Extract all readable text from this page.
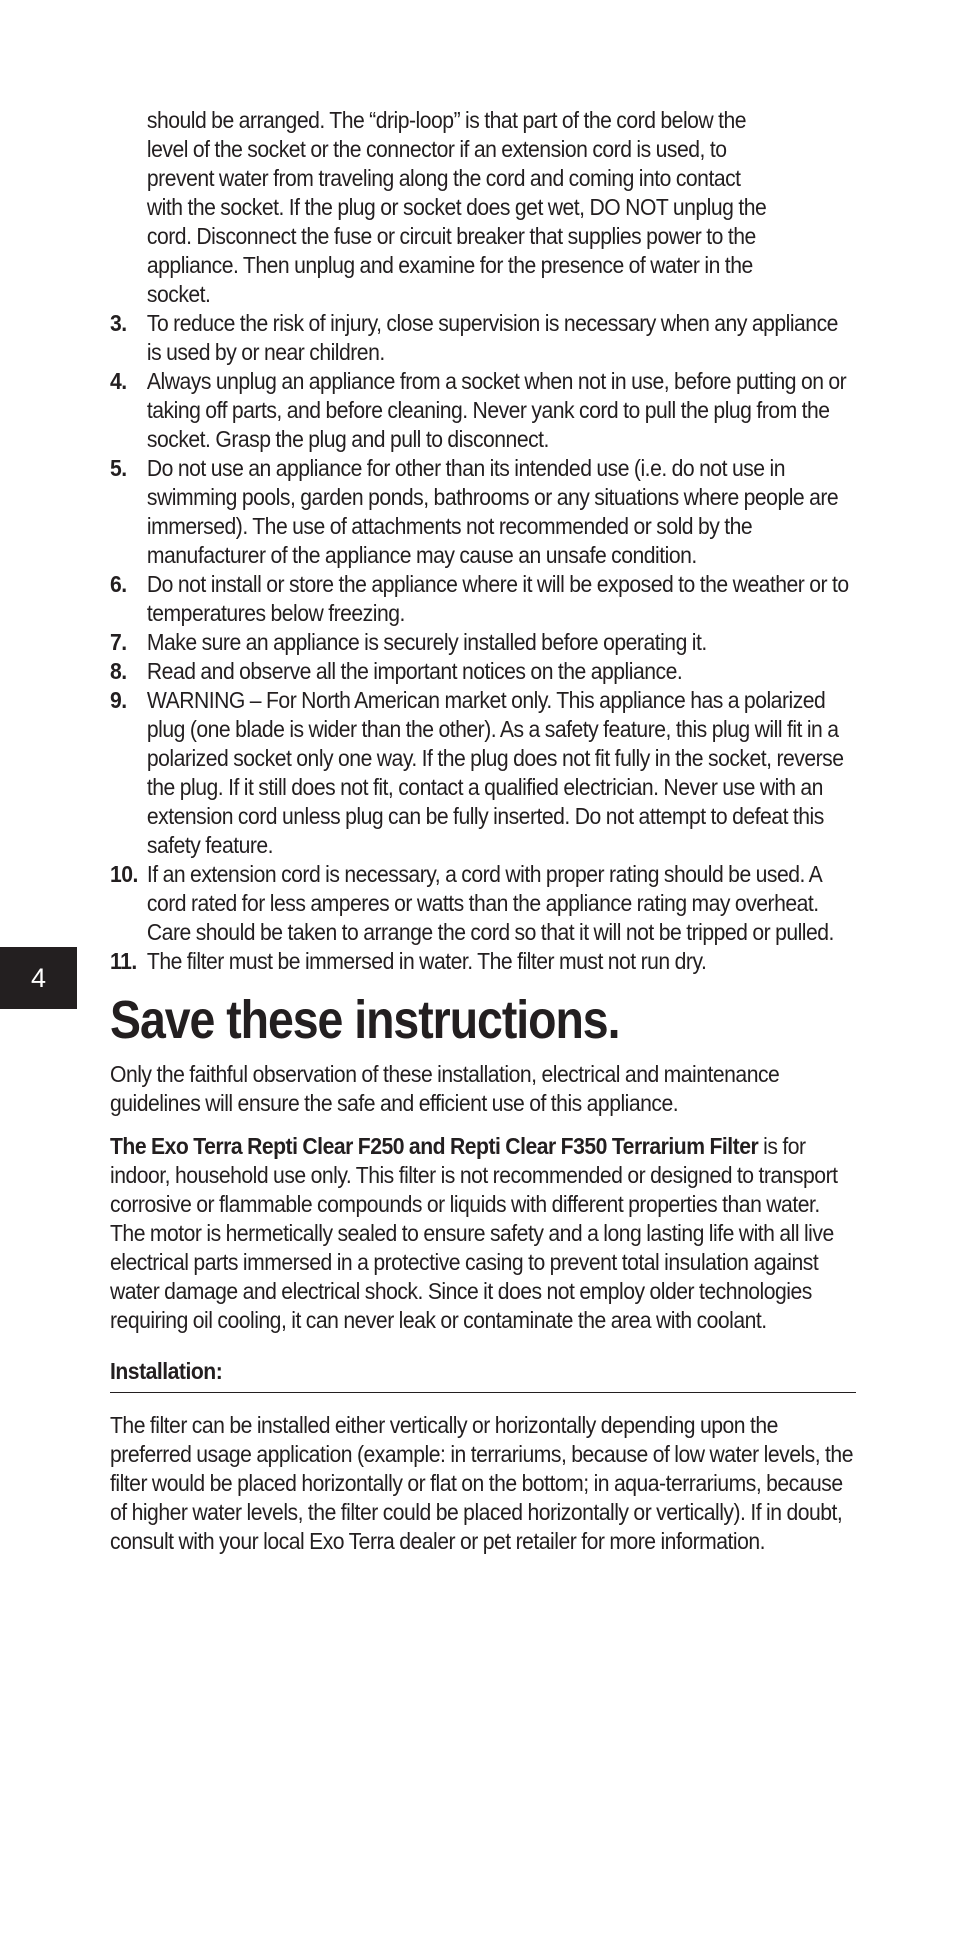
4

should be arranged. The “drip-loop” is that part of the cord below the level of the socket or the connector if an extension cord is used, to prevent water from traveling along the cord and coming into contact with the socket. If the plug or socket does get wet, DO NOT unplug the cord. Disconnect the fuse or circuit breaker that supplies power to the appliance. Then unplug and examine for the presence of water in the socket.

3. To reduce the risk of injury, close supervision is necessary when any appliance is used by or near children.
4. Always unplug an appliance from a socket when not in use, before putting on or taking off parts, and before cleaning. Never yank cord to pull the plug from the socket. Grasp the plug and pull to disconnect.
5. Do not use an appliance for other than its intended use (i.e. do not use in swimming pools, garden ponds, bathrooms or any situations where people are immersed). The use of attachments not recommended or sold by the manufacturer of the appliance may cause an unsafe condition.
6. Do not install or store the appliance where it will be exposed to the weather or to temperatures below freezing.
7. Make sure an appliance is securely installed before operating it.
8. Read and observe all the important notices on the appliance.
9. WARNING – For North American market only. This appliance has a polarized plug (one blade is wider than the other). As a safety feature, this plug will fit in a polarized socket only one way. If the plug does not fit fully in the socket, reverse the plug. If it still does not fit, contact a qualified electrician. Never use with an extension cord unless plug can be fully inserted. Do not attempt to defeat this safety feature.
10. If an extension cord is necessary, a cord with proper rating should be used. A cord rated for less amperes or watts than the appliance rating may overheat. Care should be taken to arrange the cord so that it will not be tripped or pulled.
11. The filter must be immersed in water. The filter must not run dry.
Save these instructions.

Only the faithful observation of these installation, electrical and maintenance guidelines will ensure the safe and efficient use of this appliance.

The Exo Terra Repti Clear F250 and Repti Clear F350 Terrarium Filter is for indoor, household use only. This filter is not recommended or designed to transport corrosive or flammable compounds or liquids with different properties than water. The motor is hermetically sealed to ensure safety and a long lasting life with all live electrical parts immersed in a protective casing to prevent total insulation against water damage and electrical shock. Since it does not employ older technologies requiring oil cooling, it can never leak or contaminate the area with coolant.

Installation:

The filter can be installed either vertically or horizontally depending upon the preferred usage application (example: in terrariums, because of low water levels, the filter would be placed horizontally or flat on the bottom; in aqua-terrariums, because of higher water levels, the filter could be placed horizontally or vertically). If in doubt, consult with your local Exo Terra dealer or pet retailer for more information.
